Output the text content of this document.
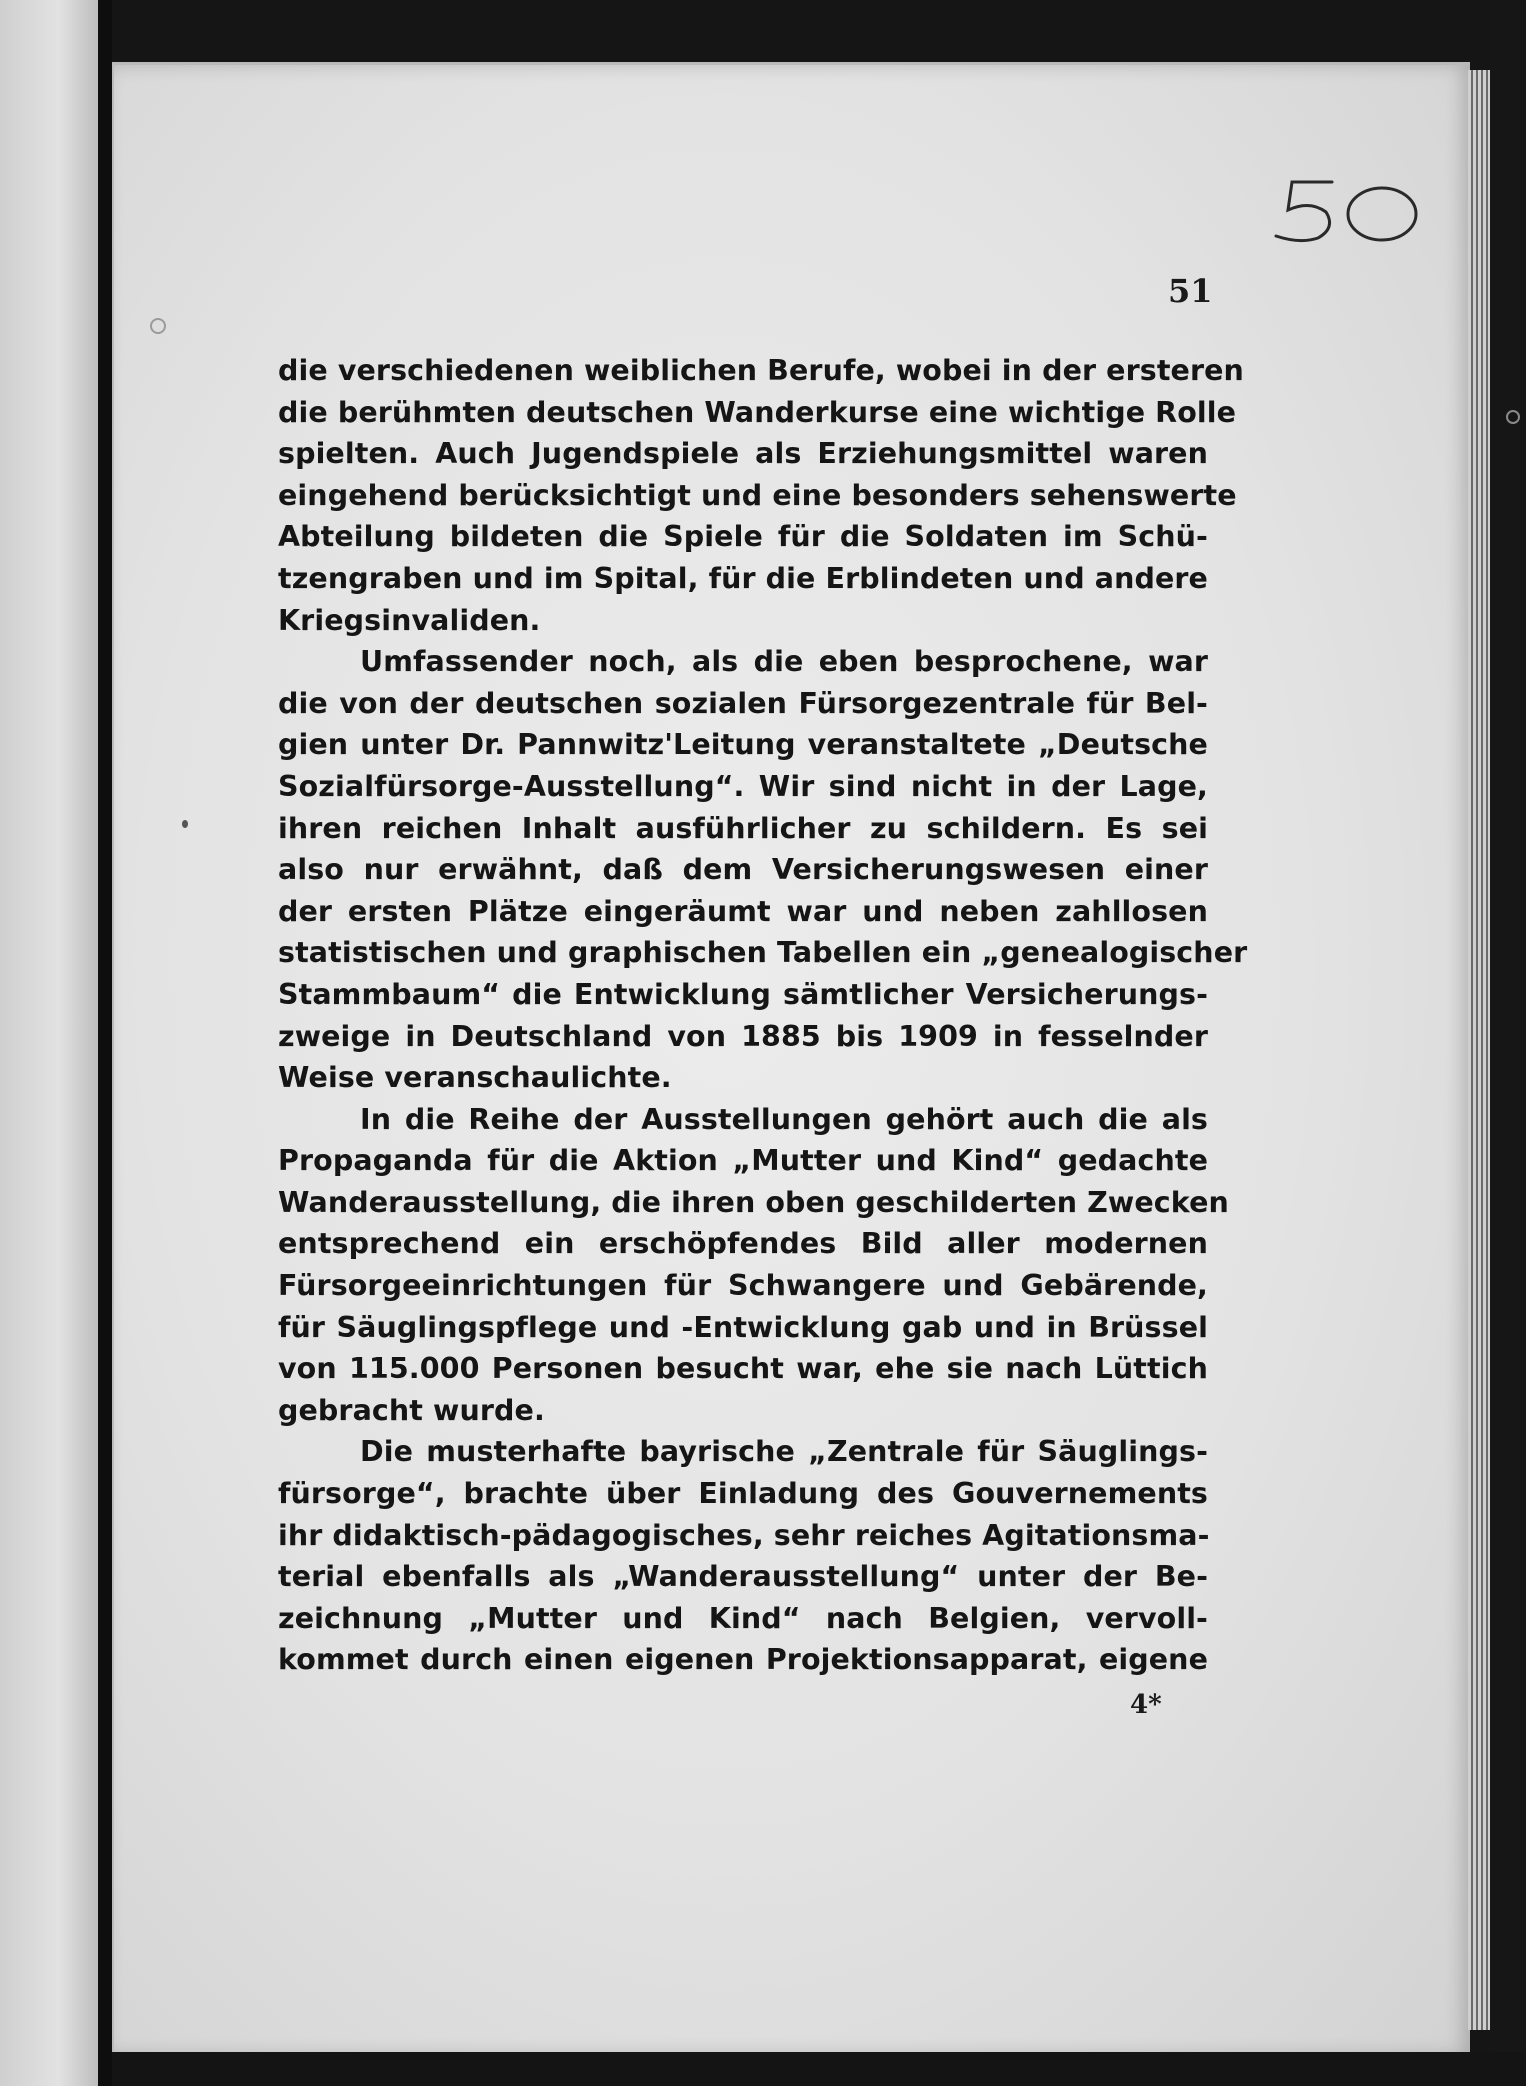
51
die verschiedenen weiblichen Berufe, wobei in der ersteren
die berühmten deutschen Wanderkurse eine wichtige Rolle
spielten. Auch Jugendspiele als Erziehungsmittel waren
eingehend berücksichtigt und eine besonders sehenswerte
Abteilung bildeten die Spiele für die Soldaten im Schü-
tzengraben und im Spital, für die Erblindeten und andere
Kriegsinvaliden.
Umfassender noch, als die eben besprochene, war
die von der deutschen sozialen Fürsorgezentrale für Bel-
gien unter Dr. Pannwitz'Leitung veranstaltete „Deutsche
Sozialfürsorge-Ausstellung“. Wir sind nicht in der Lage,
ihren reichen Inhalt ausführlicher zu schildern. Es sei
also nur erwähnt, daß dem Versicherungswesen einer
der ersten Plätze eingeräumt war und neben zahllosen
statistischen und graphischen Tabellen ein „genealogischer
Stammbaum“ die Entwicklung sämtlicher Versicherungs-
zweige in Deutschland von 1885 bis 1909 in fesselnder
Weise veranschaulichte.
In die Reihe der Ausstellungen gehört auch die als
Propaganda für die Aktion „Mutter und Kind“ gedachte
Wanderausstellung, die ihren oben geschilderten Zwecken
entsprechend ein erschöpfendes Bild aller modernen
Fürsorgeeinrichtungen für Schwangere und Gebärende,
für Säuglingspflege und -Entwicklung gab und in Brüssel
von 115.000 Personen besucht war, ehe sie nach Lüttich
gebracht wurde.
Die musterhafte bayrische „Zentrale für Säuglings-
fürsorge“, brachte über Einladung des Gouvernements
ihr didaktisch-pädagogisches, sehr reiches Agitationsma-
terial ebenfalls als „Wanderausstellung“ unter der Be-
zeichnung „Mutter und Kind“ nach Belgien, vervoll-
kommet durch einen eigenen Projektionsapparat, eigene
4*
